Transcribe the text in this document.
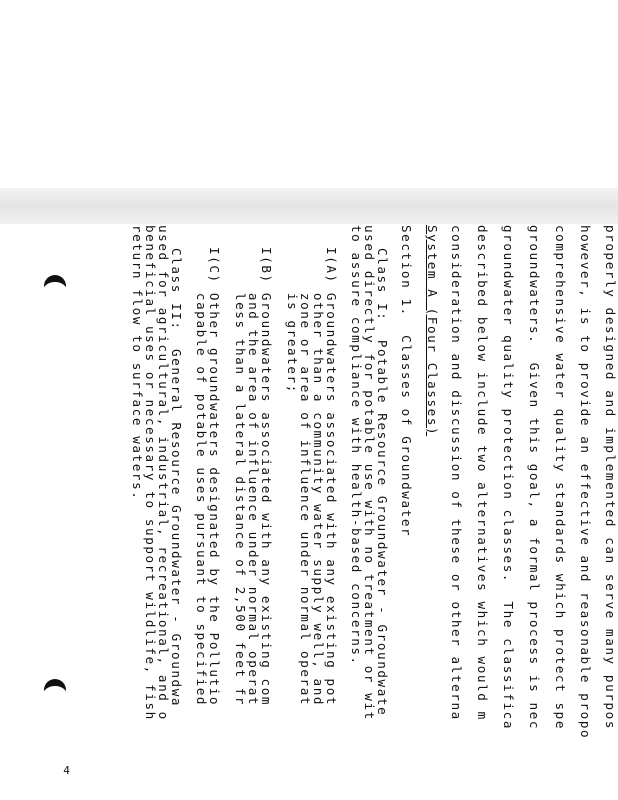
properly designed and implemented can serve many purpos
however, is to provide an effective and reasonable propo
comprehensive water quality standards which protect spe
groundwaters.  Given this goal, a formal process is nec
groundwater quality protection classes.  The classifica
described below include two alternatives which would m
consideration and discussion of these or other alterna
System A (Four Classes)
Section 1.  Classes of Groundwater
Class I:  Potable Resource Groundwater - Groundwate
used directly for potable use with no treatment or wit
to assure compliance with health-based concerns.
I(A) Groundwaters associated with any existing pot
other than a community water supply well, and
zone or area of influence under normal operat
is greater;
I(B) Groundwaters associated with any existing com
and the area of influence under normal operat
less than a lateral distance of 2,500 feet fr
I(C) Other groundwaters designated by the Pollutio
capable of potable uses pursuant to specified
Class II:  General Resource Groundwater - Groundwa
used for agricultural, industrial, recreational, and o
beneficial uses or necessary to support wildlife, fish
return flow to surface waters.
4
